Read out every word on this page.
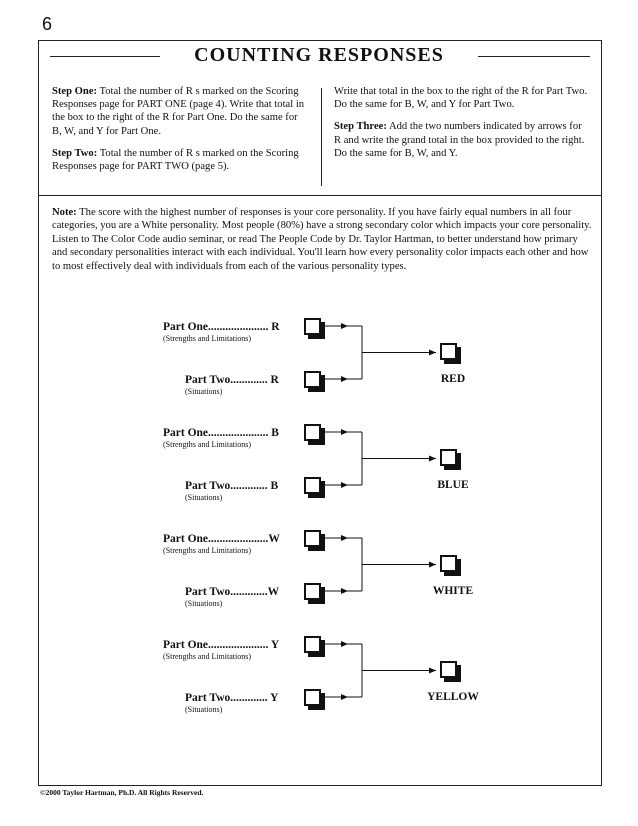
6
COUNTING RESPONSES

Step One: Total the number of R s marked on the Scoring Responses page for PART ONE (page 4). Write that total in the box to the right of the R for Part One. Do the same for B, W, and Y for Part One.

Step Two: Total the number of R s marked on the Scoring Responses page for PART TWO (page 5).

Write that total in the box to the right of the R for Part Two. Do the same for B, W, and Y for Part Two.

Step Three: Add the two numbers indicated by arrows for R and write the grand total in the box provided to the right. Do the same for B, W, and Y.

Note: The score with the highest number of responses is your core personality. If you have fairly equal numbers in all four categories, you are a White personality. Most people (80%) have a strong secondary color which impacts your core personality. Listen to The Color Code audio seminar, or read The People Code by Dr. Taylor Hartman, to better understand how primary and secondary personalities interact with each individual. You'll learn how every personality color impacts each other and how to most effectively deal with individuals from each of the various personality types.
Part One..................... R
(Strengths and Limitations)
Part Two............. R
(Situations)
RED
Part One..................... B
(Strengths and Limitations)
Part Two............. B
(Situations)
BLUE
Part One.....................W
(Strengths and Limitations)
Part Two.............W
(Situations)
WHITE
Part One..................... Y
(Strengths and Limitations)
Part Two............. Y
(Situations)
YELLOW
©2000 Taylor Hartman, Ph.D. All Rights Reserved.
